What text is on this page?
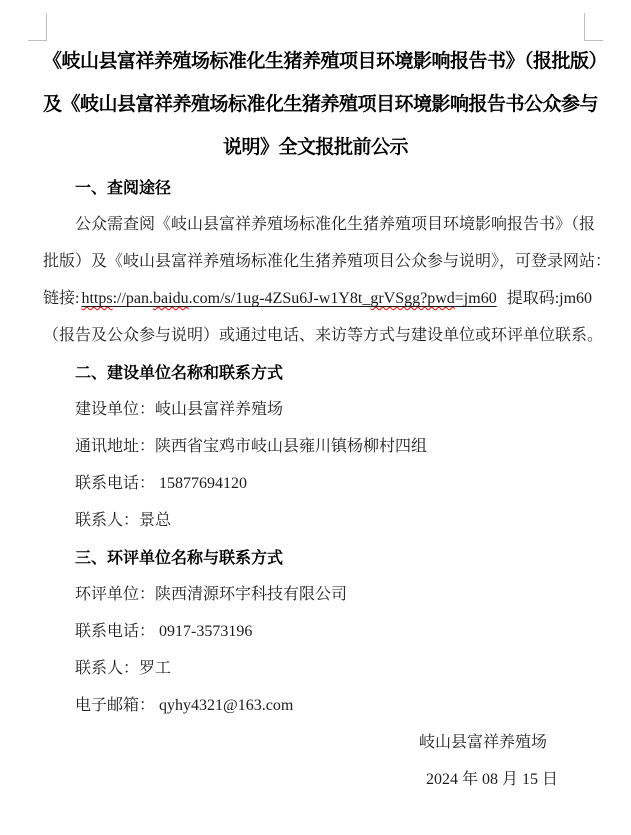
《岐山县富祥养殖场标准化生猪养殖项目环境影响报告书》（报批版）
及《岐山县富祥养殖场标准化生猪养殖项目环境影响报告书公众参与
说明》全文报批前公示
一、查阅途径
公众需查阅《岐山县富祥养殖场标准化生猪养殖项目环境影响报告书》（报
批版）及《岐山县富祥养殖场标准化生猪养殖项目公众参与说明》，可登录网站：
链接: https://pan.baidu.com/s/1ug-4ZSu6J-w1Y8t_grVSgg?pwd=jm60 提取码:jm60
（报告及公众参与说明）或通过电话、来访等方式与建设单位或环评单位联系。
二、建设单位名称和联系方式
建设单位：岐山县富祥养殖场
通讯地址：陕西省宝鸡市岐山县雍川镇杨柳村四组
联系电话： 15877694120
联系人：景总
三、环评单位名称与联系方式
环评单位：陕西清源环宇科技有限公司
联系电话： 0917-3573196
联系人：罗工
电子邮箱： qyhy4321@163.com
岐山县富祥养殖场
2024 年 08 月 15 日
